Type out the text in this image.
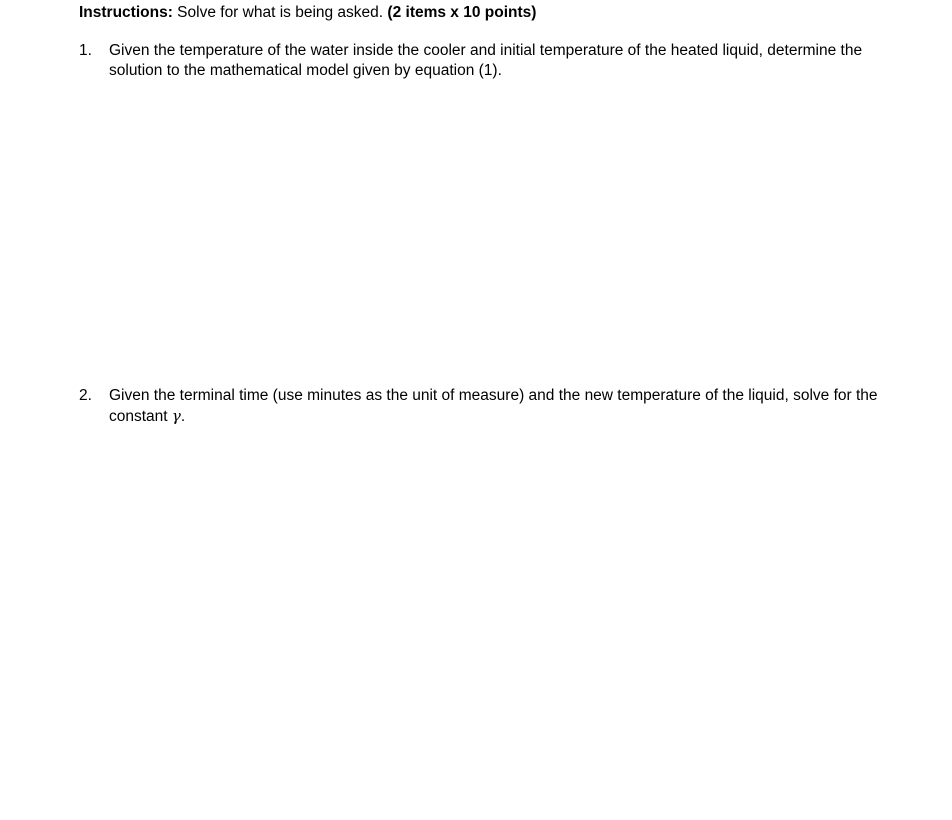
Instructions: Solve for what is being asked. (2 items x 10 points)
1. Given the temperature of the water inside the cooler and initial temperature of the heated liquid, determine the solution to the mathematical model given by equation (1).
2. Given the terminal time (use minutes as the unit of measure) and the new temperature of the liquid, solve for the constant γ.
